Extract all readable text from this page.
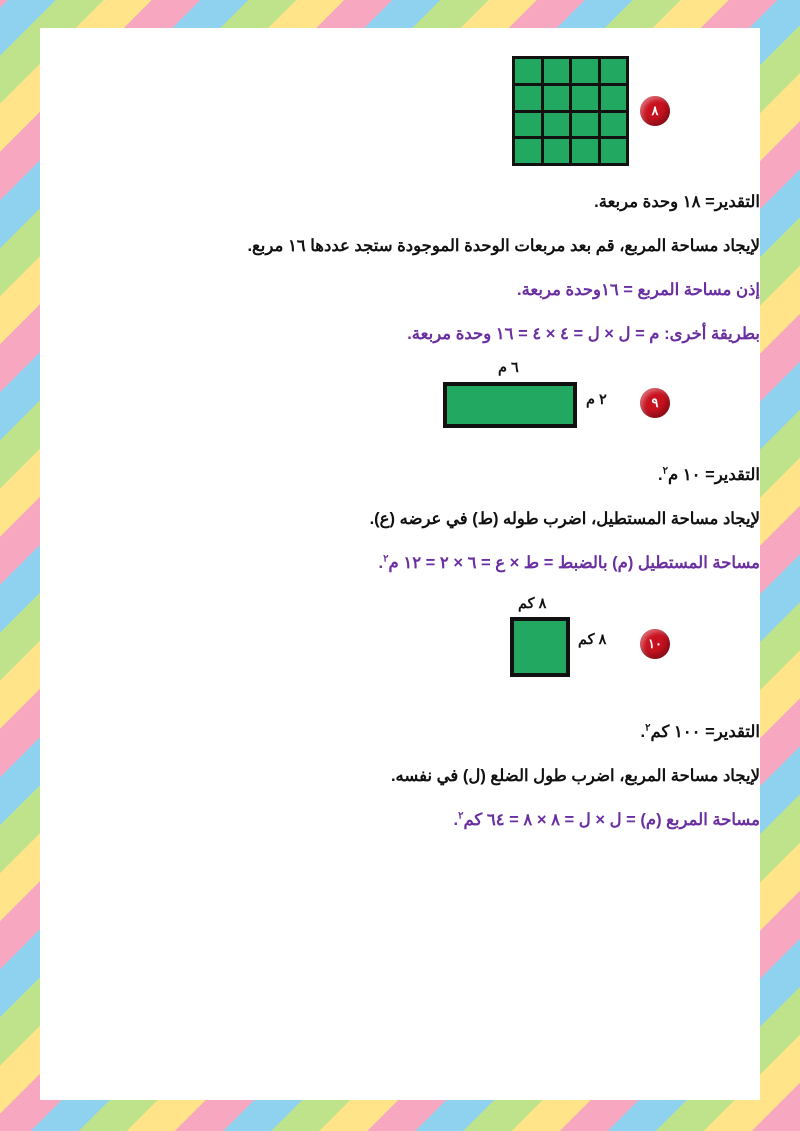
٨
التقدير= ١٨ وحدة مربعة.
لإيجاد مساحة المربع، قم بعد مربعات الوحدة الموجودة ستجد عددها ١٦ مربع.
إذن مساحة المربع = ١٦وحدة مربعة.
بطريقة أخرى: م = ل × ل = ٤ × ٤ = ١٦ وحدة مربعة.
٦ م
٢ م	٩
التقدير= ١٠ م$^٢$.
لإيجاد مساحة المستطيل، اضرب طوله (ط) في عرضه (ع).
مساحة المستطيل (م) بالضبط = ط × ع = ٦ × ٢ = ١٢ م$^٢$.
٨ كم
٨ كم	١٠
التقدير= ١٠٠ كم$^٢$.
لإيجاد مساحة المربع، اضرب طول الضلع (ل) في نفسه.
مساحة المربع (م) = ل × ل = ٨ × ٨ = ٦٤ كم$^٢$.
